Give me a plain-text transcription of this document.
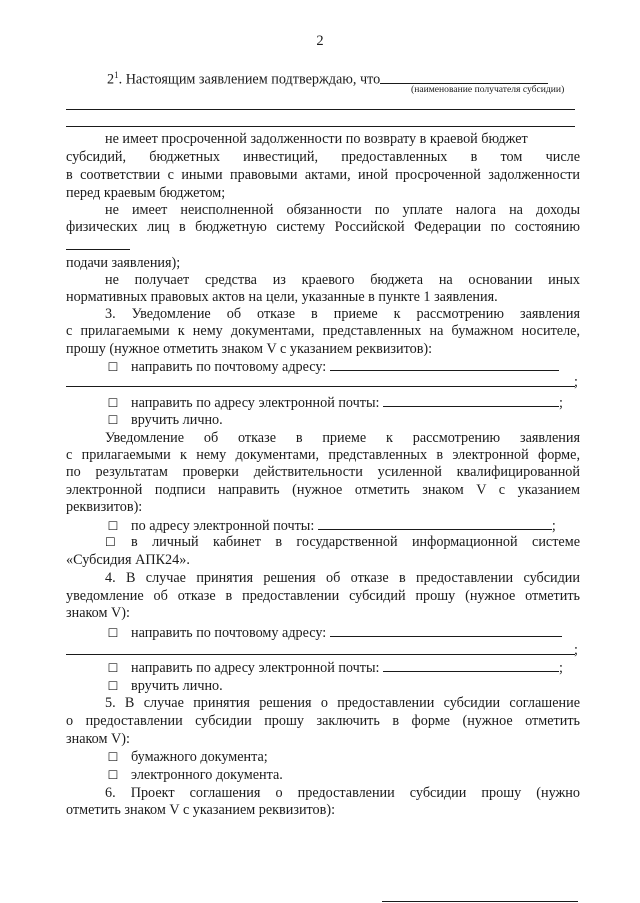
2
$2^1$. Настоящим заявлением подтверждаю, что
(наименование получателя субсидии)
не имеет просроченной задолженности по возврату в краевой бюджет
субсидий, бюджетных инвестиций, предоставленных в том числе
в соответствии с иными правовыми актами, иной просроченной задолженности
перед краевым бюджетом;
не имеет неисполненной обязанности по уплате налога на доходы
физических лиц в бюджетную систему Российской Федерации по состоянию
подачи заявления);
не получает средства из краевого бюджета на основании иных
нормативных правовых актов на цели, указанные в пункте 1 заявления.
3. Уведомление об отказе в приеме к рассмотрению заявления
с прилагаемыми к нему документами, представленных на бумажном носителе,
прошу (нужное отметить знаком V с указанием реквизитов):
☐ направить по почтовому адресу:
;
☐ направить по адресу электронной почты:	;
☐ вручить лично.
Уведомление об отказе в приеме к рассмотрению заявления
с прилагаемыми к нему документами, представленных в электронной форме,
по результатам проверки действительности усиленной квалифицированной
электронной подписи направить (нужное отметить знаком V с указанием
реквизитов):
☐ по адресу электронной почты:	;
☐ в личный кабинет в государственной информационной системе
«Субсидия АПК24».
4. В случае принятия решения об отказе в предоставлении субсидии
уведомление об отказе в предоставлении субсидий прошу (нужное отметить
знаком V):
☐ направить по почтовому адресу:
;
☐ направить по адресу электронной почты:	;
☐ вручить лично.
5. В случае принятия решения о предоставлении субсидии соглашение
о предоставлении субсидии прошу заключить в форме (нужное отметить
знаком V):
☐ бумажного документа;
☐ электронного документа.
6. Проект соглашения о предоставлении субсидии прошу (нужно
отметить знаком V с указанием реквизитов):
